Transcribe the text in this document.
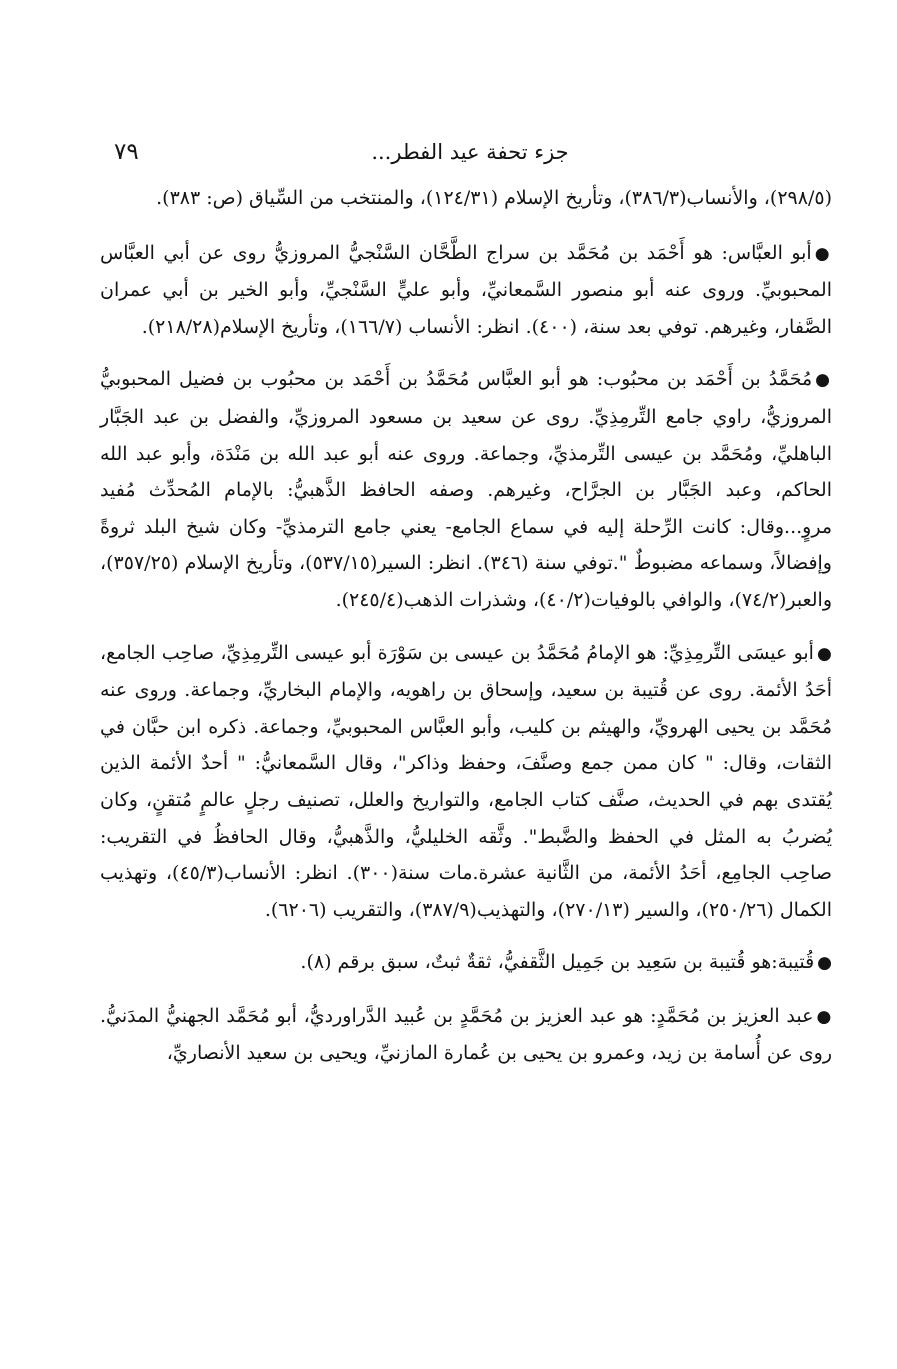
جزء تحفة عيد الفطر...
٧٩

(٢٩٨/٥)، والأنساب(٣٨٦/٣)، وتأريخ الإسلام (١٢٤/٣١)، والمنتخب من السِّياق (ص: ٣٨٣).

●أبو العبَّاس: هو أَحْمَد بن مُحَمَّد بن سراج الطَّحَّان السَّنْجيُّ المروزيُّ روى عن أبي العبَّاس المحبوبيِّ. وروى عنه أبو منصور السَّمعانيِّ، وأبو عليٍّ السَّنْجيِّ، وأبو الخير بن أبي عمران الصَّفار، وغيرهم. توفي بعد سنة، (٤٠٠). انظر: الأنساب (١٦٦/٧)، وتأريخ الإسلام(٢١٨/٢٨).

●مُحَمَّدُ بن أَحْمَد بن محبُوب: هو أبو العبَّاس مُحَمَّدُ بن أَحْمَد بن محبُوب بن فضيل المحبوبيُّ المروزيُّ، راوي جامع التِّرمِذِيِّ. روى عن سعيد بن مسعود المروزيِّ، والفضل بن عبد الجَبَّار الباهليِّ، ومُحَمَّد بن عيسى التِّرمذيِّ، وجماعة. وروى عنه أبو عبد الله بن مَنْدَة، وأبو عبد الله الحاكم، وعبد الجَبَّار بن الجرَّاح، وغيرهم. وصفه الحافظ الذَّهبيُّ: بالإمام المُحدِّث مُفيد مروٍ...وقال: كانت الرِّحلة إليه في سماع الجامع- يعني جامع الترمذيِّ- وكان شيخ البلد ثروةً وإفضالاً، وسماعه مضبوطٌ ".توفي سنة (٣٤٦). انظر: السير(٥٣٧/١٥)، وتأريخ الإسلام (٣٥٧/٢٥)، والعبر(٧٤/٢)، والوافي بالوفيات(٤٠/٢)، وشذرات الذهب(٢٤٥/٤).

●أبو عيسَى التِّرمِذِيِّ: هو الإمامُ مُحَمَّدُ بن عيسى بن سَوْرَة أبو عيسى التِّرمِذِيِّ، صاحِب الجامع، أحَدُ الأئمة. روى عن قُتيبة بن سعيد، وإسحاق بن راهويه، والإمام البخاريِّ، وجماعة. وروى عنه مُحَمَّد بن يحيى الهرويِّ، والهيثم بن كليب، وأبو العبَّاس المحبوبيِّ، وجماعة. ذكره ابن حبَّان في الثقات، وقال: " كان ممن جمع وصنَّفَ، وحفظ وذاكر"، وقال السَّمعانيُّ: " أحدٌ الأئمة الذين يُقتدى بهم في الحديث، صنَّف كتاب الجامع، والتواريخ والعلل، تصنيف رجلٍ عالمٍ مُتقنٍ، وكان يُضربُ به المثل في الحفظ والضَّبط". وثَّقه الخليليُّ، والذَّهبيُّ، وقال الحافظُ في التقريب: صاحِب الجامِع، أحَدُ الأئمة، من الثَّانية عشرة.مات سنة(٣٠٠). انظر: الأنساب(٤٥/٣)، وتهذيب الكمال (٢٥٠/٢٦)، والسير (٢٧٠/١٣)، والتهذيب(٣٨٧/٩)، والتقريب (٦٢٠٦).

●قُتيبة:هو قُتيبة بن سَعِيد بن جَمِيل الثَّقفيُّ، ثقةٌ ثبتٌ، سبق برقم (٨).

●عبد العزيز بن مُحَمَّدٍ: هو عبد العزيز بن مُحَمَّدٍ بن عُبيد الدَّراورديُّ، أبو مُحَمَّد الجهنيُّ المدَنيُّ. روى عن أُسامة بن زيد، وعمرو بن يحيى بن عُمارة المازنيِّ، ويحيى بن سعيد الأنصاريِّ،
